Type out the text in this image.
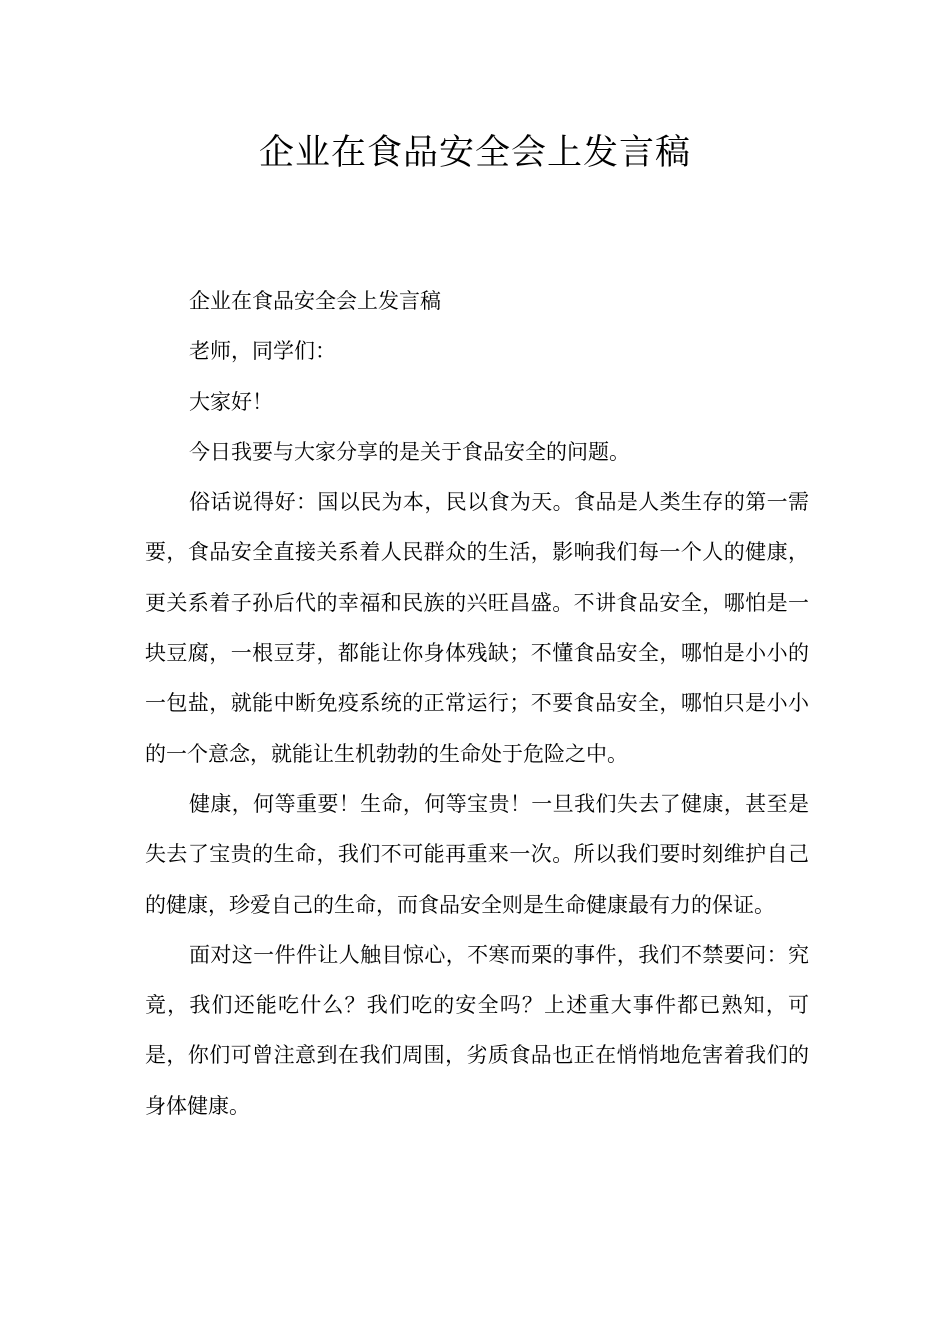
企业在食品安全会上发言稿

企业在食品安全会上发言稿

老师，同学们：

大家好！

今日我要与大家分享的是关于食品安全的问题。

俗话说得好：国以民为本，民以食为天。食品是人类生存的第一需要，食品安全直接关系着人民群众的生活，影响我们每一个人的健康，更关系着子孙后代的幸福和民族的兴旺昌盛。不讲食品安全，哪怕是一块豆腐，一根豆芽，都能让你身体残缺；不懂食品安全，哪怕是小小的一包盐，就能中断免疫系统的正常运行；不要食品安全，哪怕只是小小的一个意念，就能让生机勃勃的生命处于危险之中。

健康，何等重要！生命，何等宝贵！一旦我们失去了健康，甚至是失去了宝贵的生命，我们不可能再重来一次。所以我们要时刻维护自己的健康，珍爱自己的生命，而食品安全则是生命健康最有力的保证。

面对这一件件让人触目惊心，不寒而栗的事件，我们不禁要问：究竟，我们还能吃什么？我们吃的安全吗？上述重大事件都已熟知，可是，你们可曾注意到在我们周围，劣质食品也正在悄悄地危害着我们的身体健康。
